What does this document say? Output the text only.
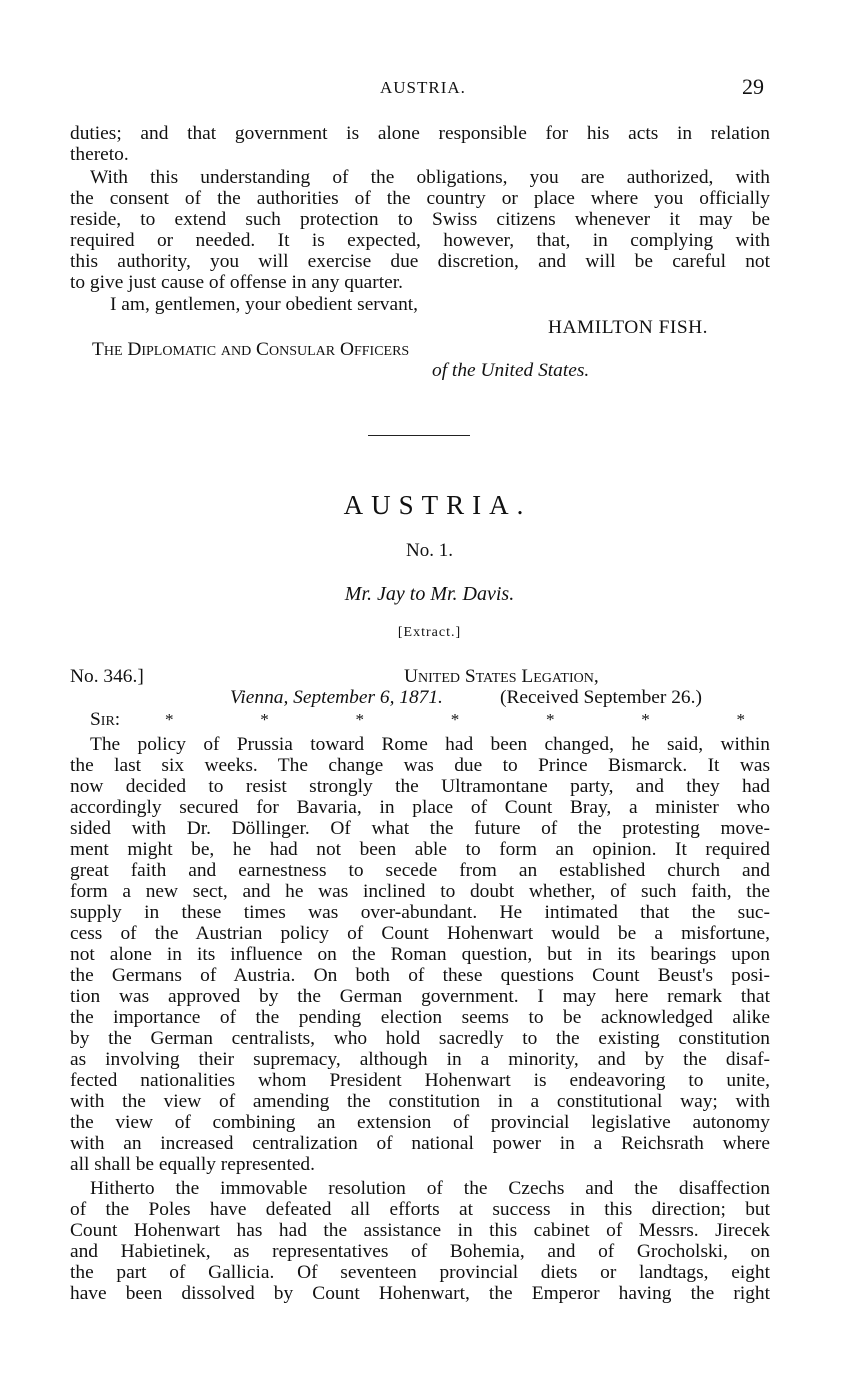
AUSTRIA.	29
duties; and that government is alone responsible for his acts in relation
thereto.
With this understanding of the obligations, you are authorized, with
the consent of the authorities of the country or place where you officially
reside, to extend such protection to Swiss citizens whenever it may be
required or needed. It is expected, however, that, in complying with
this authority, you will exercise due discretion, and will be careful not
to give just cause of offense in any quarter.
I am, gentlemen, your obedient servant,
HAMILTON FISH.
The Diplomatic and Consular Officers
of the United States.
AUSTRIA.
No. 1.
Mr. Jay to Mr. Davis.
[Extract.]
No. 346.]	United States Legation,
Vienna, September 6, 1871.	(Received September 26.)
Sir:	*	*	*	*	*	*	*
The policy of Prussia toward Rome had been changed, he said, within
the last six weeks. The change was due to Prince Bismarck. It was
now decided to resist strongly the Ultramontane party, and they had
accordingly secured for Bavaria, in place of Count Bray, a minister who
sided with Dr. Döllinger. Of what the future of the protesting move-
ment might be, he had not been able to form an opinion. It required
great faith and earnestness to secede from an established church and
form a new sect, and he was inclined to doubt whether, of such faith, the
supply in these times was over-abundant. He intimated that the suc-
cess of the Austrian policy of Count Hohenwart would be a misfortune,
not alone in its influence on the Roman question, but in its bearings upon
the Germans of Austria. On both of these questions Count Beust's posi-
tion was approved by the German government. I may here remark that
the importance of the pending election seems to be acknowledged alike
by the German centralists, who hold sacredly to the existing constitution
as involving their supremacy, although in a minority, and by the disaf-
fected nationalities whom President Hohenwart is endeavoring to unite,
with the view of amending the constitution in a constitutional way; with
the view of combining an extension of provincial legislative autonomy
with an increased centralization of national power in a Reichsrath where
all shall be equally represented.
Hitherto the immovable resolution of the Czechs and the disaffection
of the Poles have defeated all efforts at success in this direction; but
Count Hohenwart has had the assistance in this cabinet of Messrs. Jirecek
and Habietinek, as representatives of Bohemia, and of Grocholski, on
the part of Gallicia. Of seventeen provincial diets or landtags, eight
have been dissolved by Count Hohenwart, the Emperor having the right
